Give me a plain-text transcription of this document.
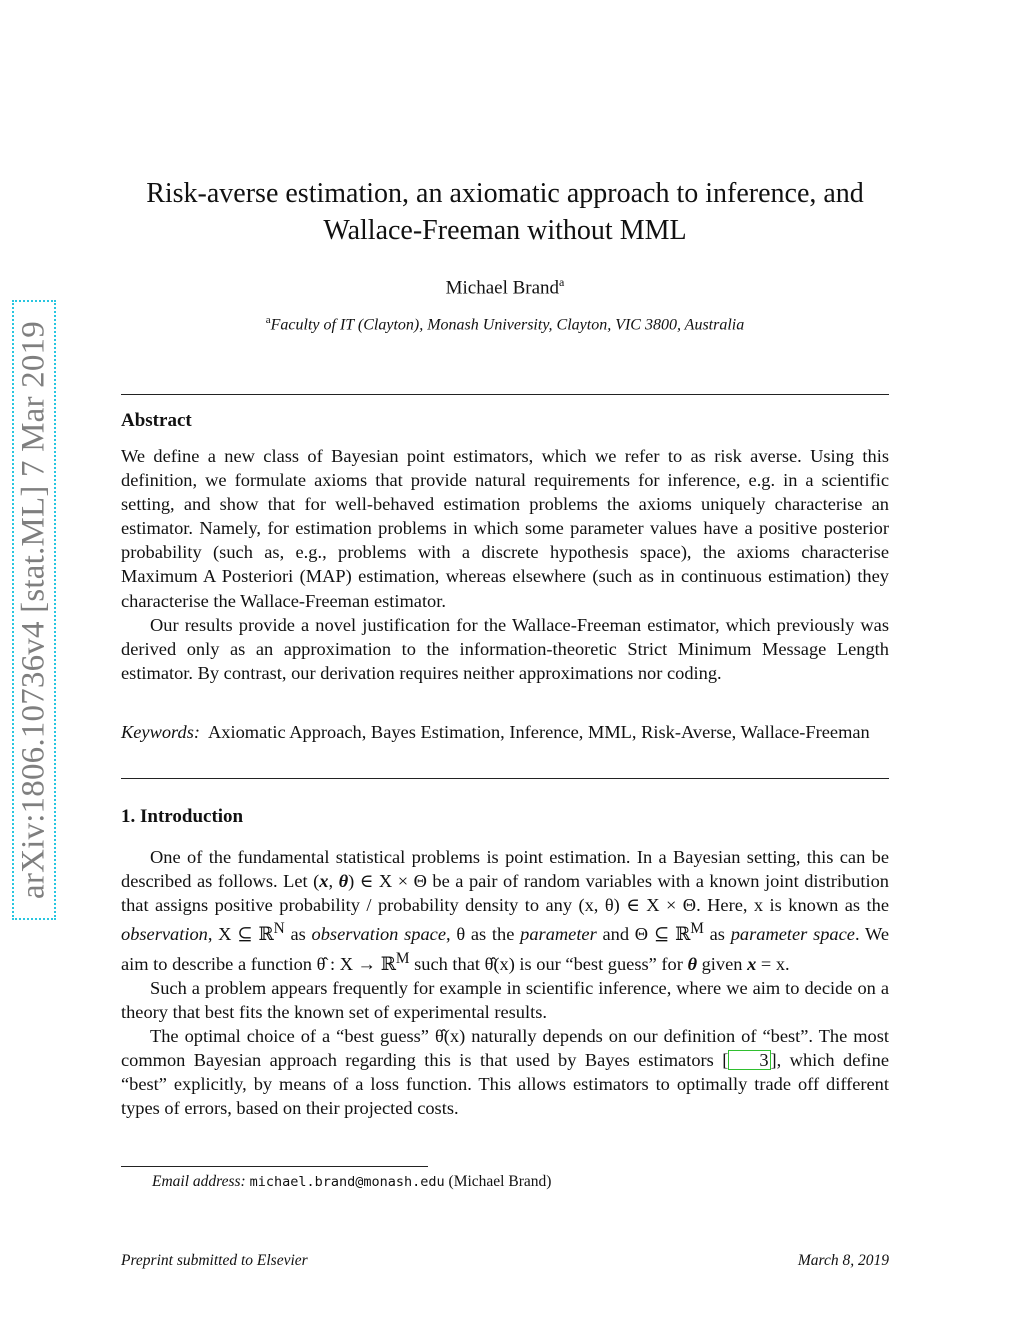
arXiv:1806.10736v4 [stat.ML] 7 Mar 2019
Risk-averse estimation, an axiomatic approach to inference, and
Wallace-Freeman without MML
Michael Brand$^a$
$^a$Faculty of IT (Clayton), Monash University, Clayton, VIC 3800, Australia
Abstract

We define a new class of Bayesian point estimators, which we refer to as risk averse. Using this definition, we formulate axioms that provide natural requirements for inference, e.g. in a scientific setting, and show that for well-behaved estimation problems the axioms uniquely characterise an estimator. Namely, for estimation problems in which some parameter values have a positive posterior probability (such as, e.g., problems with a discrete hypothesis space), the axioms characterise Maximum A Posteriori (MAP) estimation, whereas elsewhere (such as in continuous estimation) they characterise the Wallace-Freeman estimator.

Our results provide a novel justification for the Wallace-Freeman estimator, which previously was derived only as an approximation to the information-theoretic Strict Minimum Message Length estimator. By contrast, our derivation requires neither approximations nor coding.

Keywords: Axiomatic Approach, Bayes Estimation, Inference, MML, Risk-Averse, Wallace-Freeman
1. Introduction

One of the fundamental statistical problems is point estimation. In a Bayesian setting, this can be described as follows. Let (x, θ) ∈ X × Θ be a pair of random variables with a known joint distribution that assigns positive probability / probability density to any (x, θ) ∈ X × Θ. Here, x is known as the observation, X ⊆ ℝ$^N$ as observation space, θ as the parameter and Θ ⊆ ℝ$^M$ as parameter space. We aim to describe a function θ̂ : X → ℝ$^M$ such that θ̂(x) is our “best guess” for θ given x = x.

Such a problem appears frequently for example in scientific inference, where we aim to decide on a theory that best fits the known set of experimental results.

The optimal choice of a “best guess” θ̂(x) naturally depends on our definition of “best”. The most common Bayesian approach regarding this is that used by Bayes estimators [ 3 ], which define “best” explicitly, by means of a loss function. This allows estimators to optimally trade off different types of errors, based on their projected costs.

Email address: michael.brand@monash.edu (Michael Brand)
Preprint submitted to Elsevier	March 8, 2019
